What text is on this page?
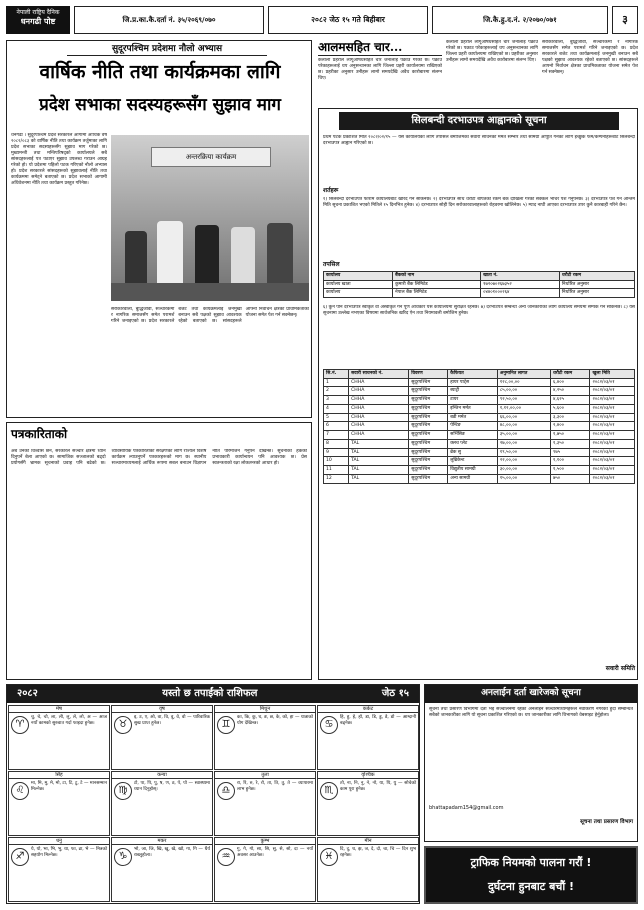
नेपाली राष्ट्रिय दैनिक
धनगढी पोष्ट	जि.प्र.का.कै.दर्ता नं. ३५/२०६९/०७०	२०८२ जेठ १५ गते बिहीबार	जि.कै.हु.द.नं. २/२०७०/०७१	३
सुदूरपश्चिम प्रदेशमा नौलो अभ्यास
वार्षिक नीति तथा कार्यक्रमका लागि
प्रदेश सभाका सदस्यहरूसँग सुझाव माग
धनगढी । सुदूरपश्चिम प्रदेश सरकारले आगामी आर्थिक वर्ष २०८२/०८३ को वार्षिक नीति तथा कार्यक्रम तर्जुमाका लागि प्रदेश सभाका सदस्यहरूसँग सुझाव माग गरेको छ। मुख्यमन्त्री तथा मन्त्रिपरिषद्को कार्यालयले सबै सांसदहरूलाई पत्र पठाएर सुझाव उपलब्ध गराउन आग्रह गरेको हो। यो प्रदेशमा पहिलो पटक गरिएको नौलो अभ्यास हो। प्रदेश सरकारले सांसदहरूको सुझावलाई नीति तथा कार्यक्रममा समेट्ने बताएको छ। प्रदेश सभाको आगामी अधिवेशनमा नीति तथा कार्यक्रम प्रस्तुत गरिनेछ।
अन्तरक्रिया कार्यक्रम
सरोकारवाला, बुद्धिजीवी, सञ्चारकर्मी र नागरिक समाजसँग समेत परामर्श गरिने जनाइएको छ। प्रदेश सरकारले बजेट तथा कार्यक्रमलाई जनमुखी बनाउन सबै पक्षको सुझाव आवश्यक रहेको बताएको छ। सांसदहरूले आफ्नो निर्वाचन क्षेत्रका प्राथमिकताका योजना समेत पेश गर्न सक्नेछन्।
पत्रकारिताको
अब उनको विश्वास छैन, सरकारले सञ्चार क्षेत्रमा ध्यान दिनुपर्ने बेला आएको छ। सामाजिक सञ्जालको बढ्दो प्रयोगसँगै भ्रामक सूचनाको प्रवाह पनि बढेको छ। व्यावसायिक पत्रकारिताको संरक्षणका लागि राज्यले विशेष कार्यक्रम ल्याउनुपर्ने पत्रकारहरूको माग छ। स्थानीय सञ्चारमाध्यमलाई आर्थिक रूपमा सबल बनाउन विज्ञापन नीति परिमार्जन गर्नुपर्ने देखिन्छ। सूचनाको हकको प्रभावकारी कार्यान्वयन पनि आवश्यक छ। प्रेस स्वतन्त्रताको रक्षा लोकतन्त्रको आधार हो।
आलमसहित चार...
कैलाली प्रहरीले लागूऔषधसहित चार जनालाई पक्राउ गरेको छ। पक्राउ परेकाहरूलाई थप अनुसन्धानका लागि जिल्ला प्रहरी कार्यालयमा राखिएको छ। प्रहरीका अनुसार उनीहरू लामो समयदेखि अवैध कारोबारमा संलग्न थिए।
कैलाली प्रहरीले लागूऔषधसहित चार जनालाई पक्राउ गरेको छ। पक्राउ परेकाहरूलाई थप अनुसन्धानका लागि जिल्ला प्रहरी कार्यालयमा राखिएको छ। प्रहरीका अनुसार उनीहरू लामो समयदेखि अवैध कारोबारमा संलग्न थिए।
सरोकारवाला, बुद्धिजीवी, सञ्चारकर्मी र नागरिक समाजसँग समेत परामर्श गरिने जनाइएको छ। प्रदेश सरकारले बजेट तथा कार्यक्रमलाई जनमुखी बनाउन सबै पक्षको सुझाव आवश्यक रहेको बताएको छ। सांसदहरूले आफ्नो निर्वाचन क्षेत्रका प्राथमिकताका योजना समेत पेश गर्न सक्नेछन्।
सिलबन्दी दरभाउपत्र आह्वानको सूचना
प्रथम पटक प्रकाशित मिति २०८२/०२/१५ — यस कार्यालयको लागि तपसिल बमोजिमका सवारी साधनको मर्मत सम्भार तथा सामग्री आपूर्ति गर्नका लागि इच्छुक फर्म/कम्पनीहरूबाट सिलबन्दी दरभाउपत्र आह्वान गरिएको छ।
शर्तहरू
१) सिलबन्दी दरभाउपत्र फाराम कार्यालयबाट खरिद गर्न सकिनेछ। २) दरभाउपत्र साथ धरौटी बापतको रकम बैंक दाखिला गरेको सक्कल भौचर पेश गर्नुपर्नेछ। ३) दरभाउपत्र पेश गर्ने अन्तिम मिति सूचना प्रकाशित भएको मितिले १५ दिनभित्र हुनेछ। ४) दरभाउपत्र सोही दिन सरोकारवालाहरूको रोहवरमा खोलिनेछ। ५) म्याद नाघी आएका दरभाउपत्र उपर कुनै कारबाही गरिने छैन।
तपसिल
कार्यालय	बैंकको नाम	खाता नं.	धरौटी रकम
कार्यालय खाता	कुमारी बैंक लिमिटेड	१७२०७०२६७३५२	निर्धारित अनुसार
कार्यालय	नेपाल बैंक लिमिटेड	०४४०१०००२६४	निर्धारित अनुसार
६) कुनै पनि दरभाउपत्र स्वीकृत वा अस्वीकृत गर्ने पूर्ण अधिकार यस कार्यालयमा सुरक्षित रहनेछ। ७) दरभाउपत्र सम्बन्धी अन्य जानकारीका लागि कार्यालय समयमा सम्पर्क गर्न सकिनेछ। ८) यस सूचनामा उल्लेख नभएका विषयमा सार्वजनिक खरिद ऐन तथा नियमावली बमोजिम हुनेछ।
सि.नं.	सवारी साधनको नं.	विवरण	कैफियत	अनुमानित लागत	धरौटी रकम	खुला मिति
1	CHHA	सुदूरपश्चिम	हायर पार्ट्स	१२८,००,००	६,४००	२०८२/०३/०१
2	CHHA	सुदूरपश्चिम	ब्याट्री	८५,००,००	४,२५०	२०८२/०३/०१
3	CHHA	सुदूरपश्चिम	टायर	९२,५०,००	४,६२५	२०८२/०३/०१
4	CHHA	सुदूरपश्चिम	इन्जिन मर्मत	१,१२,००,००	५,६००	२०८२/०३/०१
5	CHHA	सुदूरपश्चिम	बडी मर्मत	६६,००,००	३,३००	२०८२/०३/०१
6	CHHA	सुदूरपश्चिम	पेन्टिङ	४८,००,००	२,४००	२०८२/०३/०१
7	CHHA	सुदूरपश्चिम	सर्भिसिङ	३५,००,००	१,७५०	२०८२/०३/०१
8	TAL	सुदूरपश्चिम	क्लच प्लेट	२७,००,००	१,३५०	२०८२/०३/०१
9	TAL	सुदूरपश्चिम	ब्रेक सु	१९,५०,००	९७५	२०८२/०३/०१
10	TAL	सुदूरपश्चिम	लुब्रिकेन्ट	२२,००,००	१,१००	२०८२/०३/०१
11	TAL	सुदूरपश्चिम	विद्युतीय सामग्री	३०,००,००	१,५००	२०८२/०३/०१
12	TAL	सुदूरपश्चिम	अन्य सामग्री	१५,००,००	७५०	२०८२/०३/०१
सवारी समिति
२०८२	यस्तो छ तपाईंको राशिफल	जेठ १५
मेष
♈
चु, चे, चो, ला, ली, लु, ले, लो, अ — आज नयाँ कामको सुरुवात गर्दा फाइदा हुनेछ।
वृष
♉
इ, उ, ए, ओ, वा, वि, वु, वे, वो — पारिवारिक सुख प्राप्त हुनेछ।
मिथुन
♊
का, कि, कु, घ, ङ, छ, के, को, हा — यात्राको योग देखिन्छ।
कर्कट
♋
हि, हु, हे, हो, डा, डि, डु, डे, डो — आम्दानी बढ्नेछ।
सिंह
♌
मा, मि, मु, मे, मो, टा, टि, टु, टे — मानसम्मान मिल्नेछ।
कन्या
♍
टो, पा, पि, पु, ष, ण, ठ, पे, पो — स्वास्थ्यमा ध्यान दिनुहोस्।
तुला
♎
रा, रि, रु, रे, रो, ता, ति, तु, ते — व्यापारमा लाभ हुनेछ।
वृश्चिक
♏
तो, ना, नि, नु, ने, नो, या, यि, यु — सोचेको काम पूरा हुनेछ।
धनु
♐
ये, यो, भा, भि, भु, धा, फा, ढा, भे — मित्रको सहयोग मिल्नेछ।
मकर
♑
भो, जा, जि, खि, खु, खे, खो, गा, गि — धैर्य राख्नुहोला।
कुम्भ
♒
गु, गे, गो, सा, सि, सु, से, सो, दा — नयाँ अवसर आउनेछ।
मीन
♓
दि, दु, थ, झ, ञ, दे, दो, चा, चि — दिन शुभ रहनेछ।
अनलाईन दर्ता खारेजको सूचना
सूचना तथा प्रसारण विभागमा दर्ता भई सञ्चालनमा रहेका अनलाइन सञ्चारमाध्यमहरूले नवीकरण नगरेको हुँदा सम्बन्धित सबैको जानकारीका लागि यो सूचना प्रकाशित गरिएको छ। थप जानकारीका लागि विभागको वेबसाइट हेर्नुहोला।
bhattapadam154@gmail.com
सूचना तथा प्रसारण विभाग
ट्राफिक नियमको पालना गरौं !
दुर्घटना हुनबाट बचौं !
